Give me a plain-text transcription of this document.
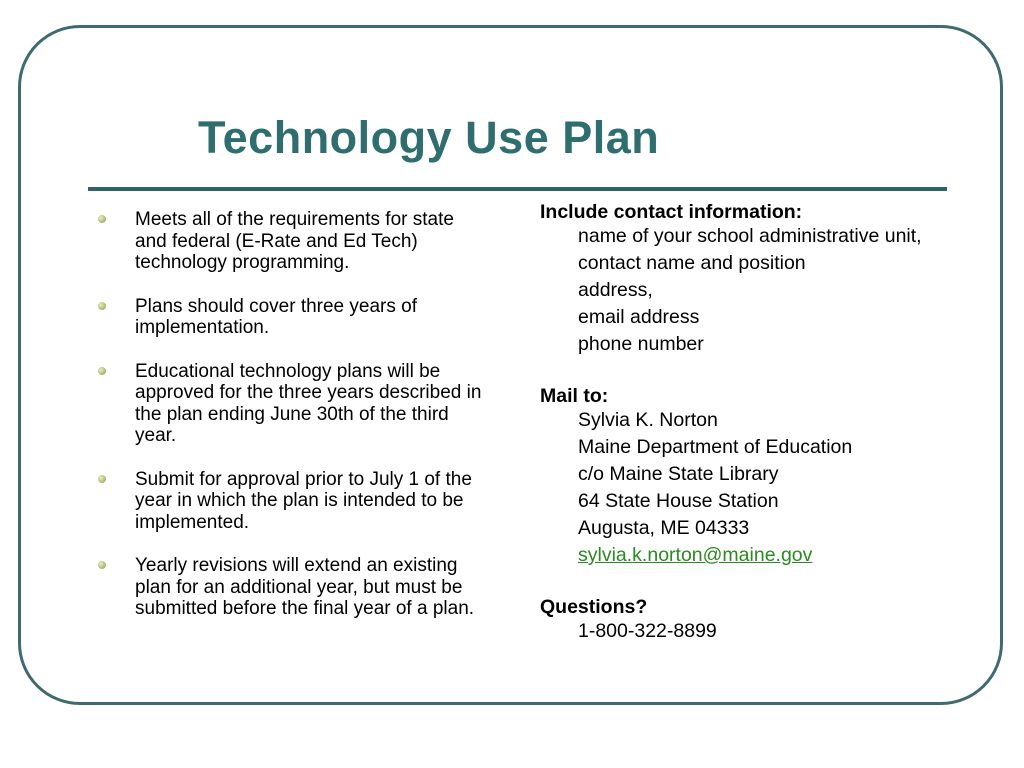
Technology Use Plan
Meets all of the requirements for state and federal (E-Rate and Ed Tech) technology programming.
Plans should cover three years of implementation.
Educational technology plans will be approved for the three years described in the plan ending June 30th of the third year.
Submit for approval prior to July 1 of the year in which the plan is intended to be implemented.
Yearly revisions will extend an existing plan for an additional year, but must be submitted before the final year of a plan.
Include contact information:
name of your school administrative unit,
contact name and position
address,
email address
phone number
Mail to:
Sylvia K. Norton
Maine Department of Education
c/o Maine State Library
64 State House Station
Augusta, ME 04333
sylvia.k.norton@maine.gov
Questions?
1-800-322-8899
